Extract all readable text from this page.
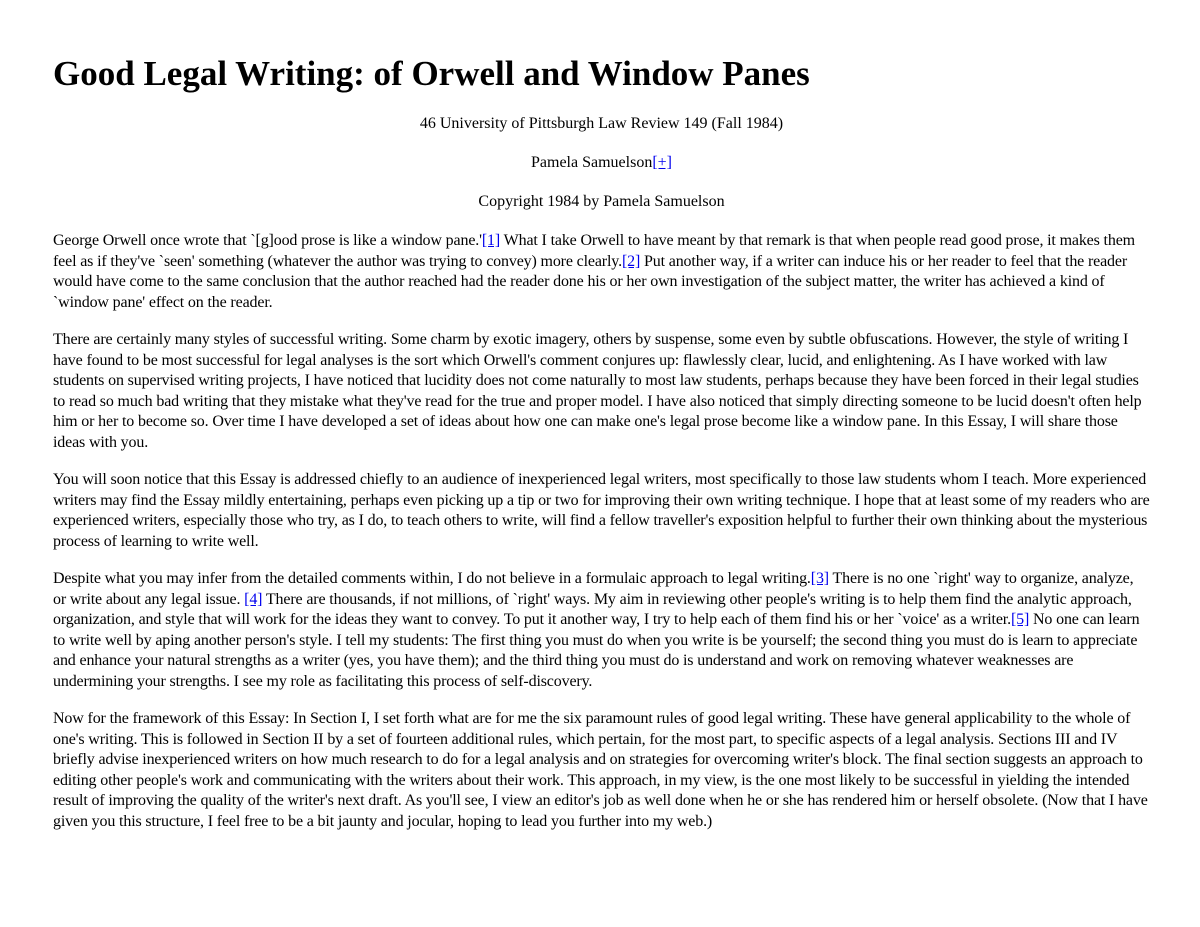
Good Legal Writing: of Orwell and Window Panes

46 University of Pittsburgh Law Review 149 (Fall 1984)

Pamela Samuelson[+]

Copyright 1984 by Pamela Samuelson

George Orwell once wrote that `[g]ood prose is like a window pane.'[1] What I take Orwell to have meant by that remark is that when people read good prose, it makes them feel as if they've `seen' something (whatever the author was trying to convey) more clearly.[2] Put another way, if a writer can induce his or her reader to feel that the reader would have come to the same conclusion that the author reached had the reader done his or her own investigation of the subject matter, the writer has achieved a kind of `window pane' effect on the reader.

There are certainly many styles of successful writing. Some charm by exotic imagery, others by suspense, some even by subtle obfuscations. However, the style of writing I have found to be most successful for legal analyses is the sort which Orwell's comment conjures up: flawlessly clear, lucid, and enlightening. As I have worked with law students on supervised writing projects, I have noticed that lucidity does not come naturally to most law students, perhaps because they have been forced in their legal studies to read so much bad writing that they mistake what they've read for the true and proper model. I have also noticed that simply directing someone to be lucid doesn't often help him or her to become so. Over time I have developed a set of ideas about how one can make one's legal prose become like a window pane. In this Essay, I will share those ideas with you.

You will soon notice that this Essay is addressed chiefly to an audience of inexperienced legal writers, most specifically to those law students whom I teach. More experienced writers may find the Essay mildly entertaining, perhaps even picking up a tip or two for improving their own writing technique. I hope that at least some of my readers who are experienced writers, especially those who try, as I do, to teach others to write, will find a fellow traveller's exposition helpful to further their own thinking about the mysterious process of learning to write well.

Despite what you may infer from the detailed comments within, I do not believe in a formulaic approach to legal writing.[3] There is no one `right' way to organize, analyze, or write about any legal issue. [4] There are thousands, if not millions, of `right' ways. My aim in reviewing other people's writing is to help them find the analytic approach, organization, and style that will work for the ideas they want to convey. To put it another way, I try to help each of them find his or her `voice' as a writer.[5] No one can learn to write well by aping another person's style. I tell my students: The first thing you must do when you write is be yourself; the second thing you must do is learn to appreciate and enhance your natural strengths as a writer (yes, you have them); and the third thing you must do is understand and work on removing whatever weaknesses are undermining your strengths. I see my role as facilitating this process of self-discovery.

Now for the framework of this Essay: In Section I, I set forth what are for me the six paramount rules of good legal writing. These have general applicability to the whole of one's writing. This is followed in Section II by a set of fourteen additional rules, which pertain, for the most part, to specific aspects of a legal analysis. Sections III and IV briefly advise inexperienced writers on how much research to do for a legal analysis and on strategies for overcoming writer's block. The final section suggests an approach to editing other people's work and communicating with the writers about their work. This approach, in my view, is the one most likely to be successful in yielding the intended result of improving the quality of the writer's next draft. As you'll see, I view an editor's job as well done when he or she has rendered him or herself obsolete. (Now that I have given you this structure, I feel free to be a bit jaunty and jocular, hoping to lead you further into my web.)
